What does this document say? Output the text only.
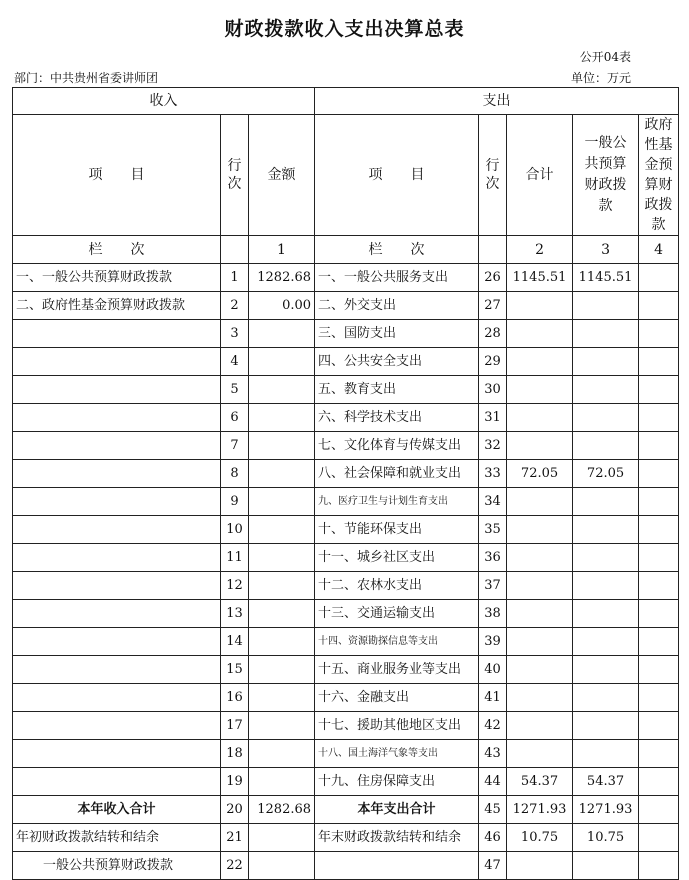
财政拨款收入支出决算总表
公开04表
部门：中共贵州省委讲师团	单位：万元
收入			支出				
项　　目	行次	金额	项　　目	行次	合计	一般公共预算财政拨款	政府性基金预算财政拨款
栏　　次		1	栏　　次		2	3	4
一、一般公共预算财政拨款	1	1282.68	一、一般公共服务支出	26	1145.51	1145.51	
二、政府性基金预算财政拨款	2	0.00	二、外交支出	27			
	3		三、国防支出	28			
	4		四、公共安全支出	29			
	5		五、教育支出	30			
	6		六、科学技术支出	31			
	7		七、文化体育与传媒支出	32			
	8		八、社会保障和就业支出	33	72.05	72.05	
	9		九、医疗卫生与计划生育支出	34			
	10		十、节能环保支出	35			
	11		十一、城乡社区支出	36			
	12		十二、农林水支出	37			
	13		十三、交通运输支出	38			
	14		十四、资源勘探信息等支出	39			
	15		十五、商业服务业等支出	40			
	16		十六、金融支出	41			
	17		十七、援助其他地区支出	42			
	18		十八、国土海洋气象等支出	43			
	19		十九、住房保障支出	44	54.37	54.37	
本年收入合计	20	1282.68	本年支出合计	45	1271.93	1271.93	
年初财政拨款结转和结余	21		年末财政拨款结转和结余	46	10.75	10.75	
一般公共预算财政拨款	22			47			
